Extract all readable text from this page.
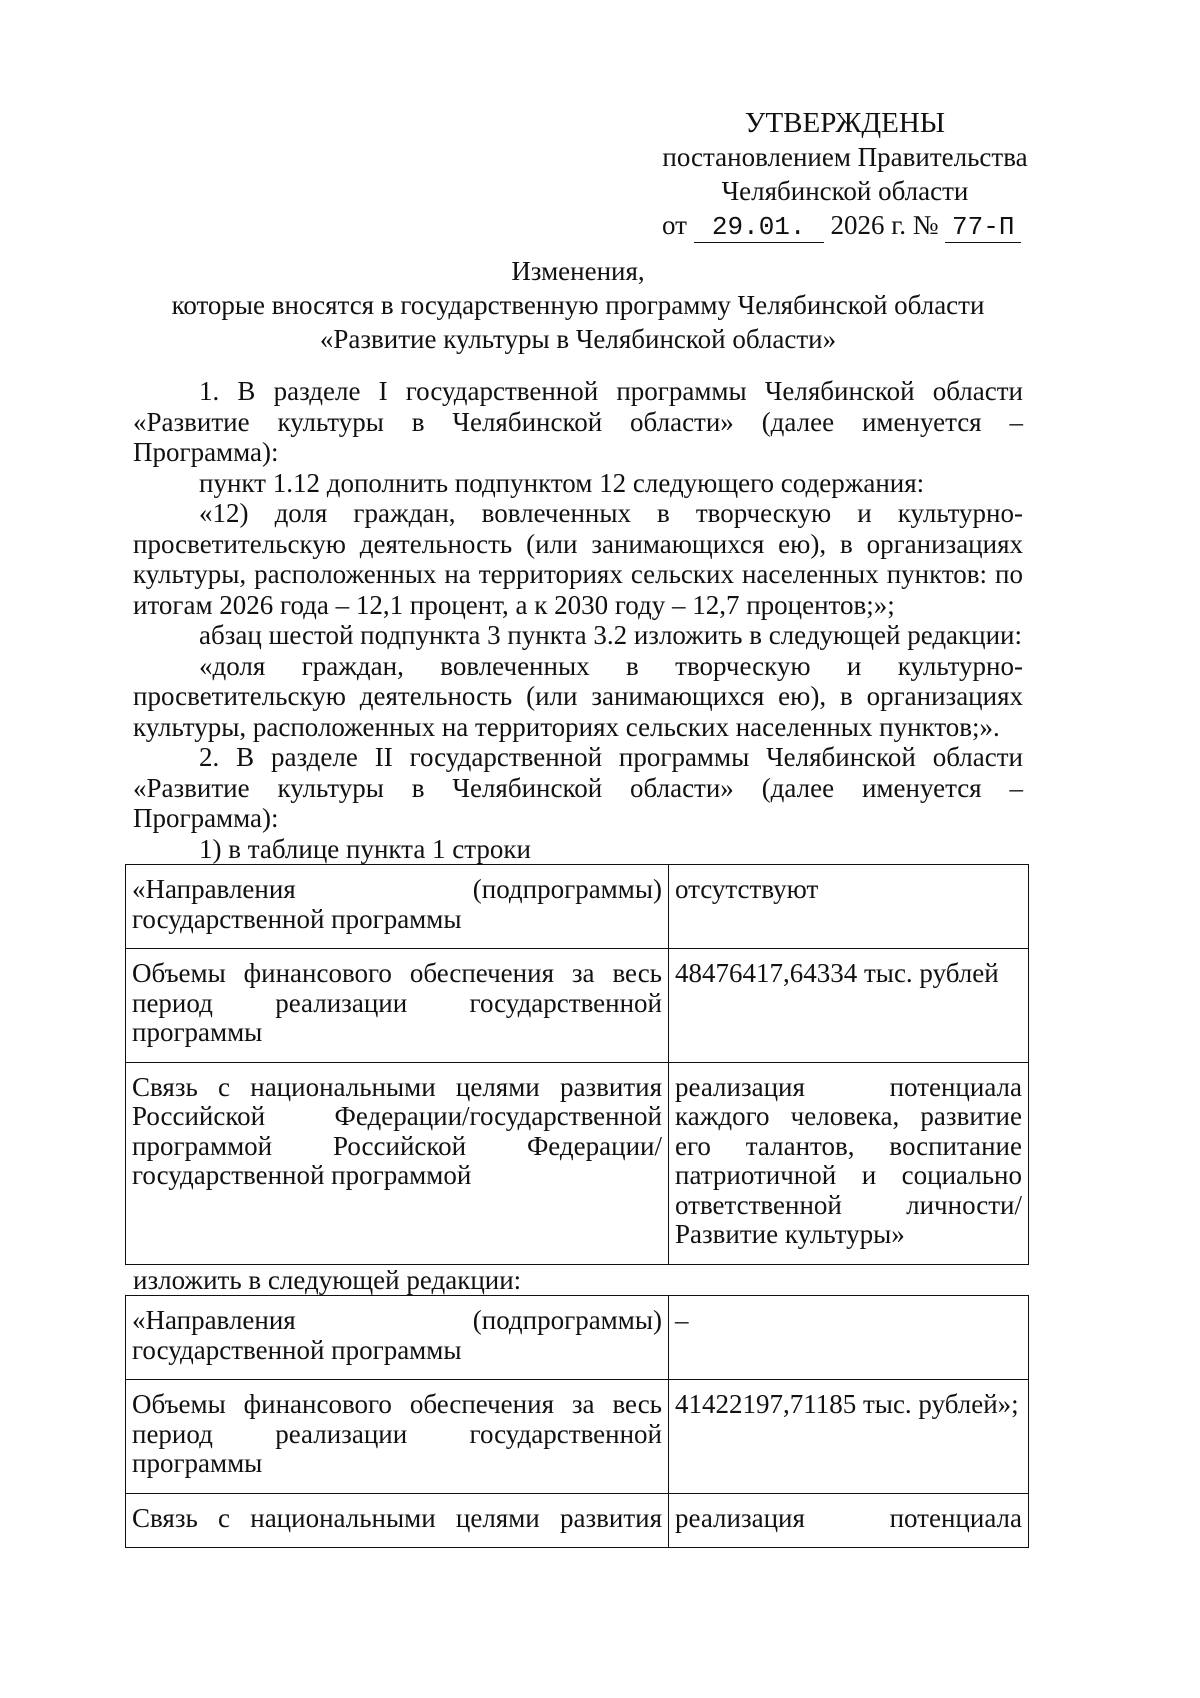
УТВЕРЖДЕНЫ
постановлением Правительства
Челябинской области
от 29.01. 2026 г. № 77-П
Изменения,
которые вносятся в государственную программу Челябинской области
«Развитие культуры в Челябинской области»

1. В разделе I государственной программы Челябинской области «Развитие культуры в Челябинской области» (далее именуется – Программа):

пункт 1.12 дополнить подпунктом 12 следующего содержания:

«12) доля граждан, вовлеченных в творческую и культурно-просветительскую деятельность (или занимающихся ею), в организациях культуры, расположенных на территориях сельских населенных пунктов: по итогам 2026 года – 12,1 процент, а к 2030 году – 12,7 процентов;»;

абзац шестой подпункта 3 пункта 3.2 изложить в следующей редакции:

«доля граждан, вовлеченных в творческую и культурно-просветительскую деятельность (или занимающихся ею), в организациях культуры, расположенных на территориях сельских населенных пунктов;».

2. В разделе II государственной программы Челябинской области «Развитие культуры в Челябинской области» (далее именуется – Программа):

1) в таблице пункта 1 строки

«Направления (подпрограммы) государственной программы	отсутствуют
Объемы финансового обеспечения за весь период реализации государственной программы	48476417,64334 тыс. рублей
Связь с национальными целями развития Российской Федерации/государственной программой Российской Федерации/государственной программой	реализация потенциала каждого человека, развитие его талантов, воспитание патриотичной и социально ответственной личности/Развитие культуры»

изложить в следующей редакции:

«Направления (подпрограммы) государственной программы	–
Объемы финансового обеспечения за весь период реализации государственной программы	41422197,71185 тыс. рублей»;
Связь с национальными целями развития	реализация потенциала
